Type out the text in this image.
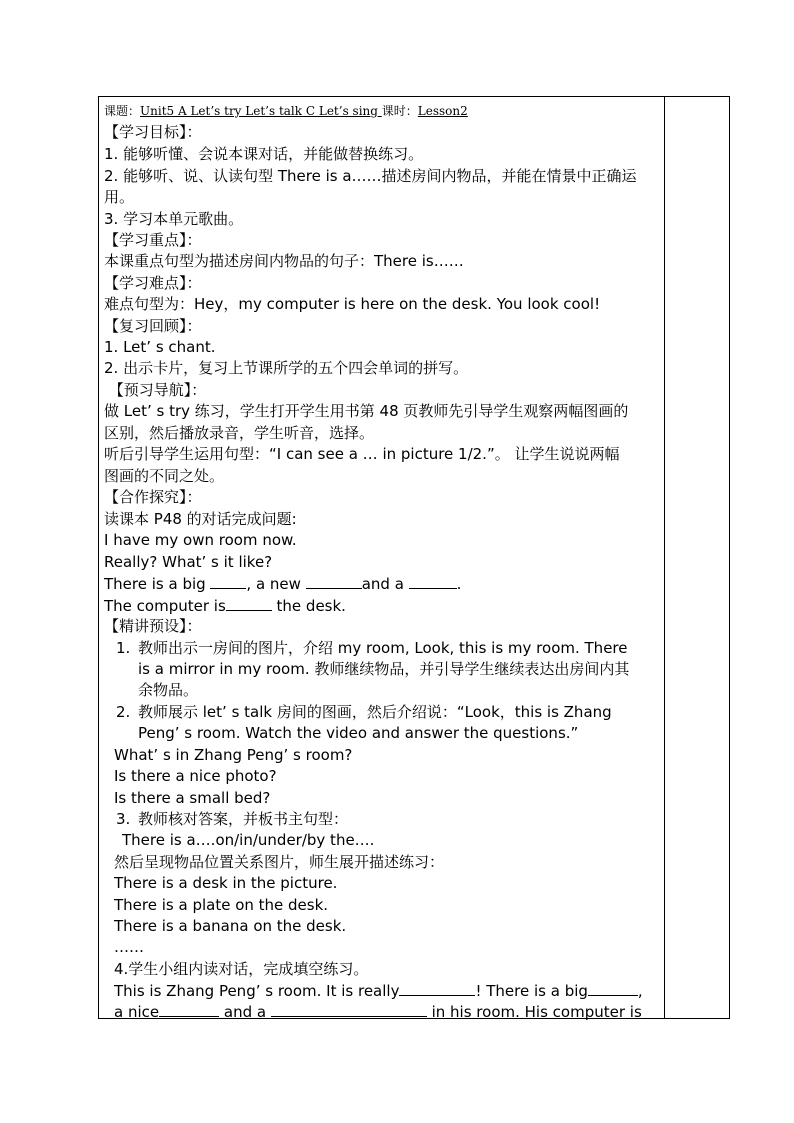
课题：Unit5 A Let’s try Let’s talk C Let’s sing 课时：Lesson2
【学习目标】：
1. 能够听懂、会说本课对话，并能做替换练习。
2. 能够听、说、认读句型 There is a……描述房间内物品，并能在情景中正确运
用。
3. 学习本单元歌曲。
【学习重点】：
本课重点句型为描述房间内物品的句子：There is……
【学习难点】：
难点句型为：Hey，my computer is here on the desk. You look cool!
【复习回顾】：
1. Let’ s chant.
2. 出示卡片，复习上节课所学的五个四会单词的拼写。
【预习导航】：
做 Let’ s try 练习，学生打开学生用书第 48 页教师先引导学生观察两幅图画的
区别，然后播放录音，学生听音，选择。
听后引导学生运用句型：“I can see a … in picture 1/2.”。 让学生说说两幅
图画的不同之处。
【合作探究】：
读课本 P48 的对话完成问题:
I have my own room now.
Really? What’ s it like?
There is a big , a new	and a	.
The computer is	the desk.
【精讲预设】：
1. 教师出示一房间的图片，介绍 my room, Look, this is my room. There
is a mirror in my room. 教师继续物品，并引导学生继续表达出房间内其
余物品。
2. 教师展示 let’ s talk 房间的图画，然后介绍说：“Look，this is Zhang
Peng’ s room. Watch the video and answer the questions.”
What’ s in Zhang Peng’ s room?
Is there a nice photo?
Is there a small bed?
3. 教师核对答案，并板书主句型：
There is a….on/in/under/by the….
然后呈现物品位置关系图片，师生展开描述练习：
There is a desk in the picture.
There is a plate on the desk.
There is a banana on the desk.
……
4.学生小组内读对话，完成填空练习。
This is Zhang Peng’ s room. It is really	! There is a big	,
a nice	and a	in his room. His computer is
